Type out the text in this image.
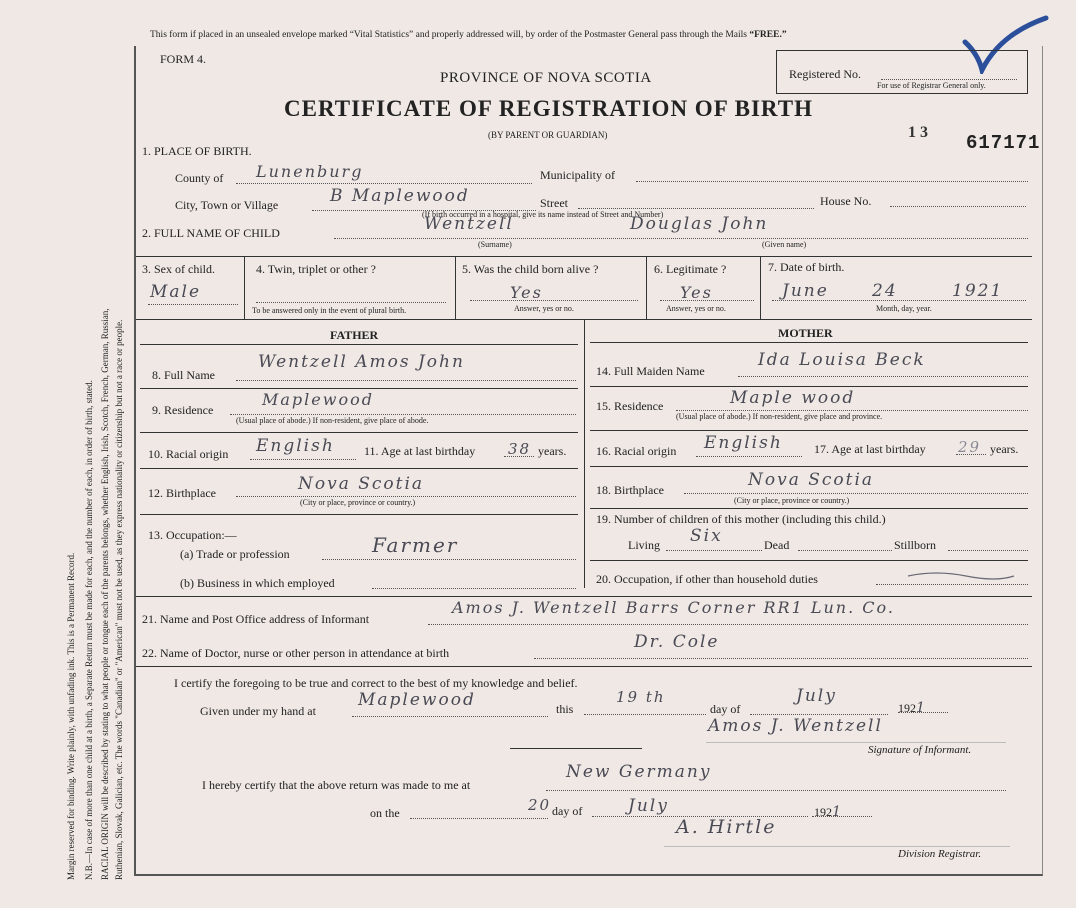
Margin reserved for binding. Write plainly, with unfading ink. This is a Permanent Record. N.B.—In case of more than one child at a birth, a Separate Return must be made for each, and the number of each, in order of birth, stated. RACIAL ORIGIN will be described by stating to what people or tongue each of the parents belongs, whether English, Irish, Scotch, French, German, Russian, Ruthenian, Slovak, Galician, etc. The words "Canadian" or "American" must not be used, as they express nationality or citizenship but not a race or people.
This form if placed in an unsealed envelope marked “Vital Statistics” and properly addressed will, by order of the Postmaster General pass through the Mails “FREE.”
FORM 4.
PROVINCE OF NOVA SCOTIA
CERTIFICATE OF REGISTRATION OF BIRTH
(BY PARENT OR GUARDIAN)
Registered No.
For use of Registrar General only.
1 3 617171
1. PLACE OF BIRTH.
County of Lunenburg	Municipality of
City, Town or Village	B Maplewood	Street	House No.
(If birth occurred in a hospital, give its name instead of Street and Number)
2. FULL NAME OF CHILD	Wentzell	Douglas John
(Surname)	(Given name)
3. Sex of child.
Male
4. Twin, triplet or other ?
To be answered only in the event of plural birth.
5. Was the child born alive ?
Yes
Answer, yes or no.
6. Legitimate ?
Yes
Answer, yes or no.
7. Date of birth.
June	24	1921
Month, day, year.
FATHER	MOTHER
8. Full Name
Wentzell Amos John
9. Residence
Maplewood
(Usual place of abode.) If non-resident, give place of abode.
10. Racial origin English 11. Age at last birthday 38 years.
12. Birthplace	Nova Scotia
(City or place, province or country.)
13. Occupation:—
(a) Trade or profession	Farmer
(b) Business in which employed
14. Full Maiden Name
Ida Louisa Beck
15. Residence	Maple wood
(Usual place of abode.) If non-resident, give place and province.
16. Racial origin English	17. Age at last birthday 29 years.
18. Birthplace	Nova Scotia
(City or place, province or country.)
19. Number of children of this mother (including this child.)
Living Six	Dead	Stillborn
20. Occupation, if other than household duties
21. Name and Post Office address of Informant
Amos J. Wentzell Barrs Corner RR1 Lun. Co.
22. Name of Doctor, nurse or other person in attendance at birth
Dr. Cole
I certify the foregoing to be true and correct to the best of my knowledge and belief.
Given under my hand at
Maplewood	this
19 th
day of
July
1921
Amos J. Wentzell
Signature of Informant.
I hereby certify that the above return was made to me at
New Germany
on the	20 day of	July	1921
A. Hirtle
Division Registrar.
